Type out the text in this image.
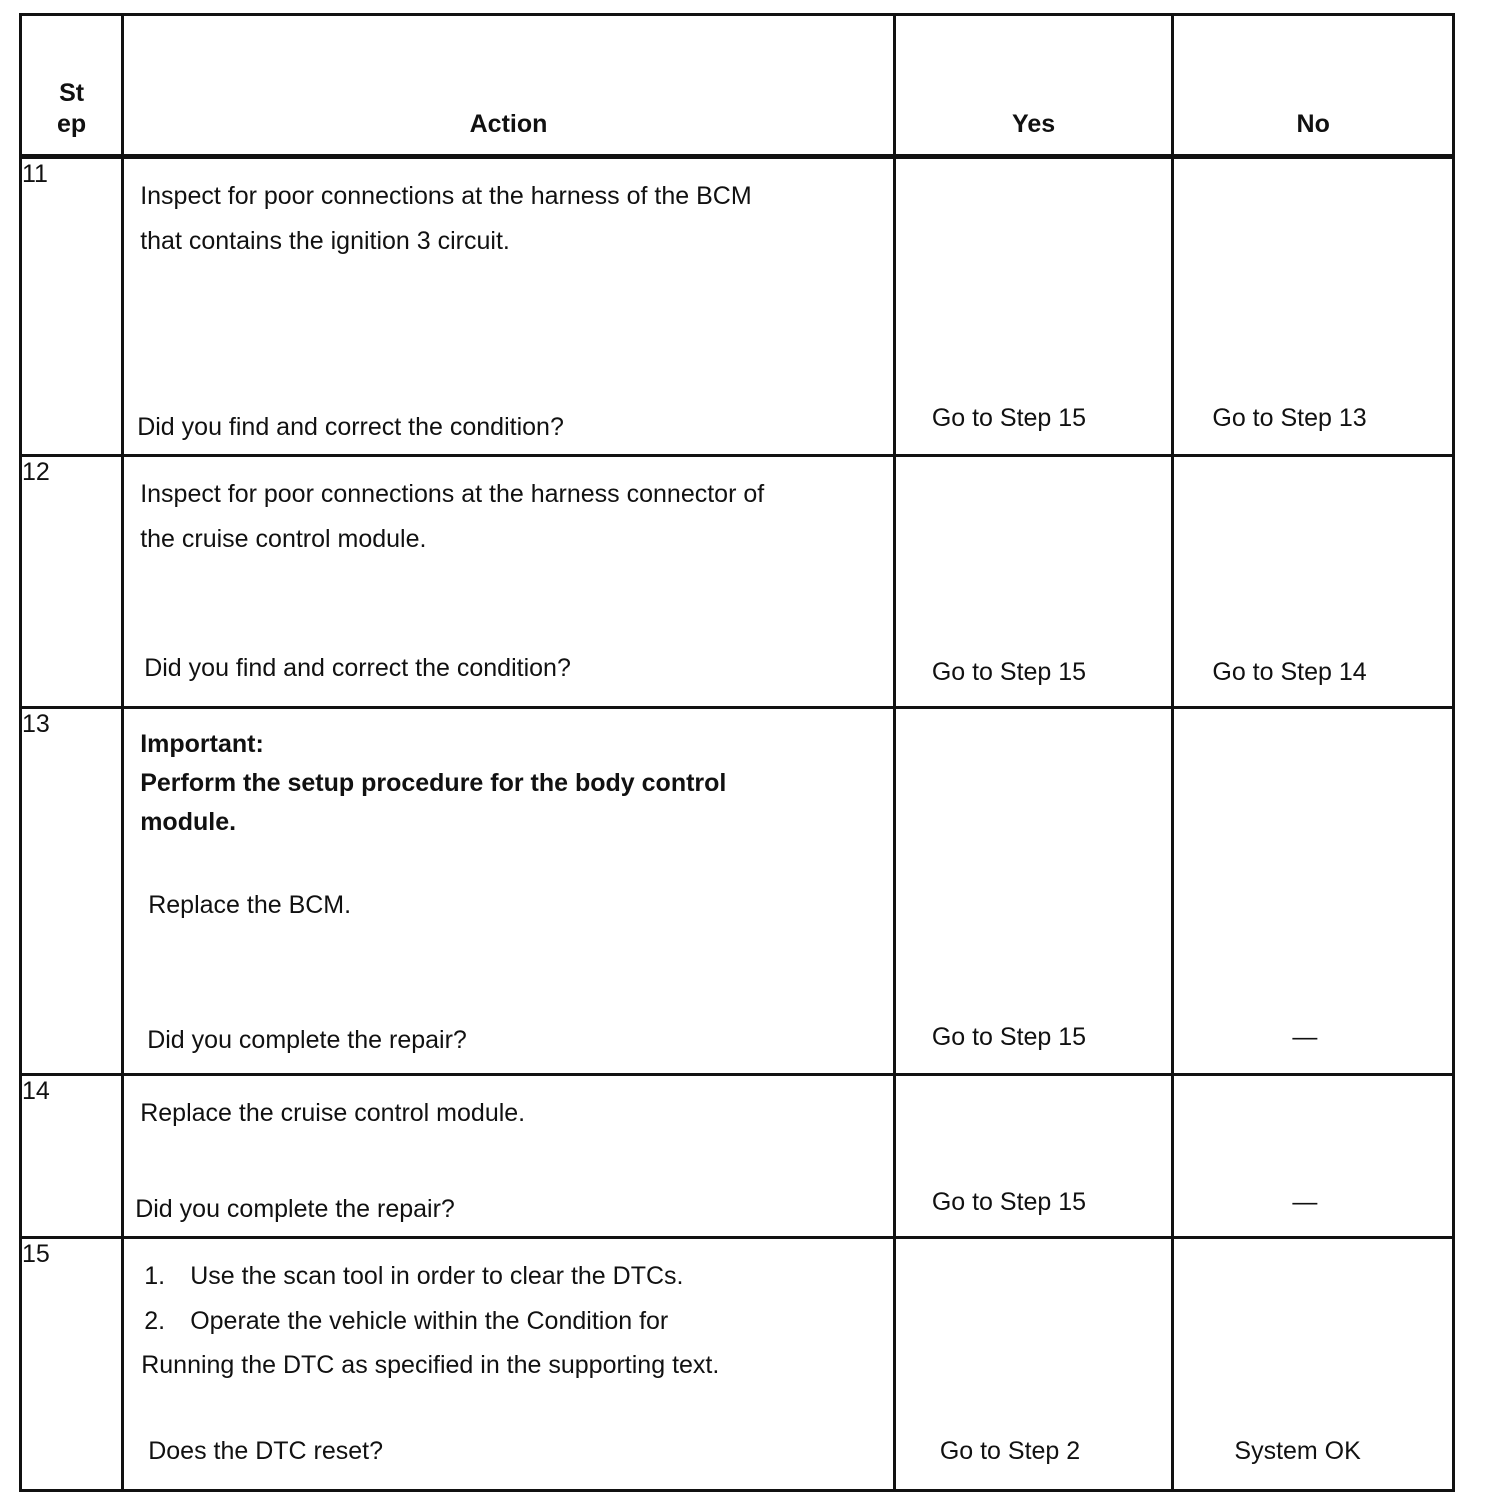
St
ep	Action	Yes	No
11	Inspect for poor connections at the harness of the BCM
that contains the ignition 3 circuit.
Did you find and correct the condition?	Go to Step 15	Go to Step 13

12	Inspect for poor connections at the harness connector of
the cruise control module.
Did you find and correct the condition?	Go to Step 15	Go to Step 14

13	Important:
Perform the setup procedure for the body control
module.
Replace the BCM.
Did you complete the repair?	Go to Step 15	—

14	Replace the cruise control module.
Did you complete the repair?	Go to Step 15	—

15	1. Use the scan tool in order to clear the DTCs.
2. Operate the vehicle within the Condition for
Running the DTC as specified in the supporting text.
Does the DTC reset?	Go to Step 2	System OK
